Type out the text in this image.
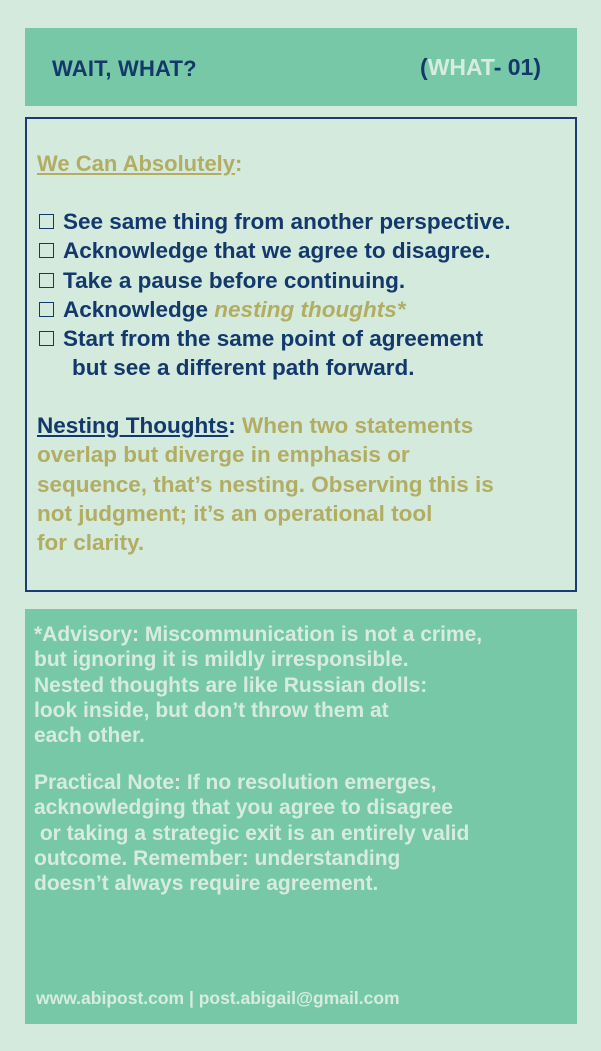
WAIT, WHAT?	(WHAT- 01)
We Can Absolutely:
See same thing from another perspective.
Acknowledge that we agree to disagree.
Take a pause before continuing.
Acknowledge nesting thoughts*
Start from the same point of agreement
but see a different path forward.
Nesting Thoughts: When two statements
overlap but diverge in emphasis or
sequence, that’s nesting. Observing this is
not judgment; it’s an operational tool
for clarity.
*Advisory: Miscommunication is not a crime,
but ignoring it is mildly irresponsible.
Nested thoughts are like Russian dolls:
look inside, but don’t throw them at
each other.
Practical Note: If no resolution emerges,
acknowledging that you agree to disagree
or taking a strategic exit is an entirely valid
outcome. Remember: understanding
doesn’t always require agreement.
www.abipost.com | post.abigail@gmail.com
